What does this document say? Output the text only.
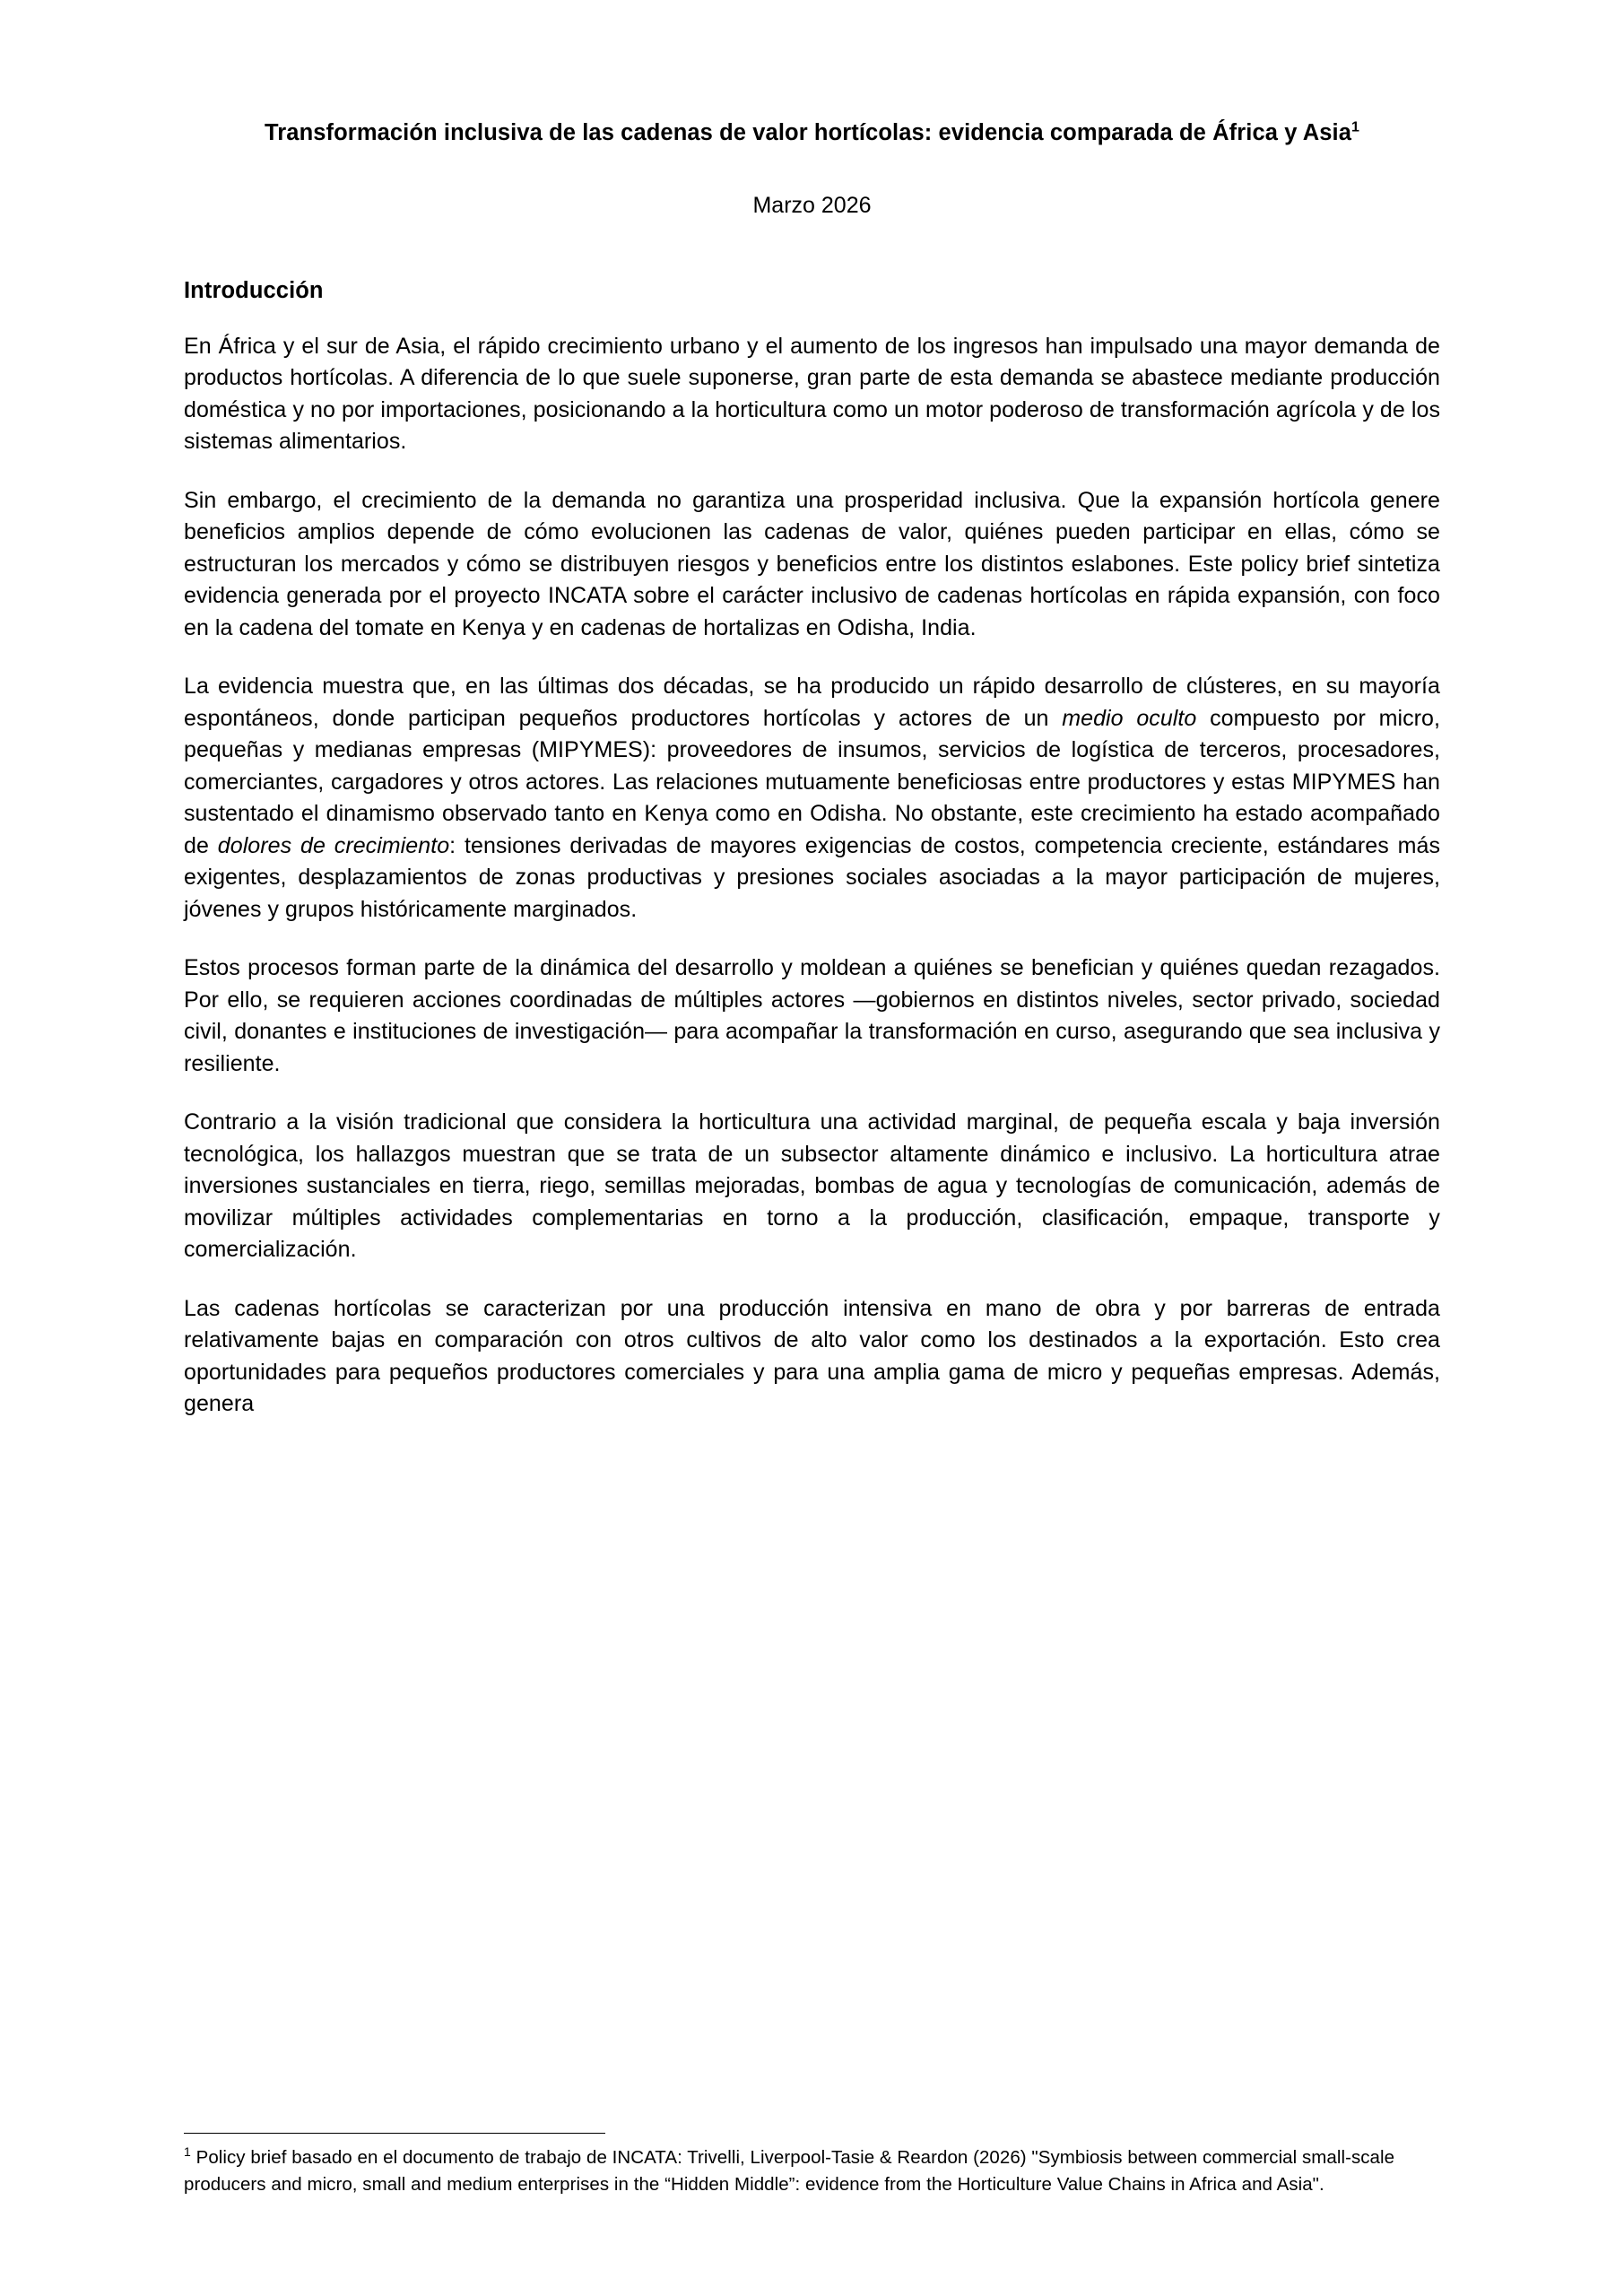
Transformación inclusiva de las cadenas de valor hortícolas: evidencia comparada de África y Asia$^1$
Marzo 2026
Introducción

En África y el sur de Asia, el rápido crecimiento urbano y el aumento de los ingresos han impulsado una mayor demanda de productos hortícolas. A diferencia de lo que suele suponerse, gran parte de esta demanda se abastece mediante producción doméstica y no por importaciones, posicionando a la horticultura como un motor poderoso de transformación agrícola y de los sistemas alimentarios.

Sin embargo, el crecimiento de la demanda no garantiza una prosperidad inclusiva. Que la expansión hortícola genere beneficios amplios depende de cómo evolucionen las cadenas de valor, quiénes pueden participar en ellas, cómo se estructuran los mercados y cómo se distribuyen riesgos y beneficios entre los distintos eslabones. Este policy brief sintetiza evidencia generada por el proyecto INCATA sobre el carácter inclusivo de cadenas hortícolas en rápida expansión, con foco en la cadena del tomate en Kenya y en cadenas de hortalizas en Odisha, India.

La evidencia muestra que, en las últimas dos décadas, se ha producido un rápido desarrollo de clústeres, en su mayoría espontáneos, donde participan pequeños productores hortícolas y actores de un medio oculto compuesto por micro, pequeñas y medianas empresas (MIPYMES): proveedores de insumos, servicios de logística de terceros, procesadores, comerciantes, cargadores y otros actores. Las relaciones mutuamente beneficiosas entre productores y estas MIPYMES han sustentado el dinamismo observado tanto en Kenya como en Odisha. No obstante, este crecimiento ha estado acompañado de dolores de crecimiento: tensiones derivadas de mayores exigencias de costos, competencia creciente, estándares más exigentes, desplazamientos de zonas productivas y presiones sociales asociadas a la mayor participación de mujeres, jóvenes y grupos históricamente marginados.

Estos procesos forman parte de la dinámica del desarrollo y moldean a quiénes se benefician y quiénes quedan rezagados. Por ello, se requieren acciones coordinadas de múltiples actores —gobiernos en distintos niveles, sector privado, sociedad civil, donantes e instituciones de investigación— para acompañar la transformación en curso, asegurando que sea inclusiva y resiliente.

Contrario a la visión tradicional que considera la horticultura una actividad marginal, de pequeña escala y baja inversión tecnológica, los hallazgos muestran que se trata de un subsector altamente dinámico e inclusivo. La horticultura atrae inversiones sustanciales en tierra, riego, semillas mejoradas, bombas de agua y tecnologías de comunicación, además de movilizar múltiples actividades complementarias en torno a la producción, clasificación, empaque, transporte y comercialización.

Las cadenas hortícolas se caracterizan por una producción intensiva en mano de obra y por barreras de entrada relativamente bajas en comparación con otros cultivos de alto valor como los destinados a la exportación. Esto crea oportunidades para pequeños productores comerciales y para una amplia gama de micro y pequeñas empresas. Además, genera

$^1$ Policy brief basado en el documento de trabajo de INCATA: Trivelli, Liverpool-Tasie & Reardon (2026) "Symbiosis between commercial small-scale producers and micro, small and medium enterprises in the “Hidden Middle”: evidence from the Horticulture Value Chains in Africa and Asia".
